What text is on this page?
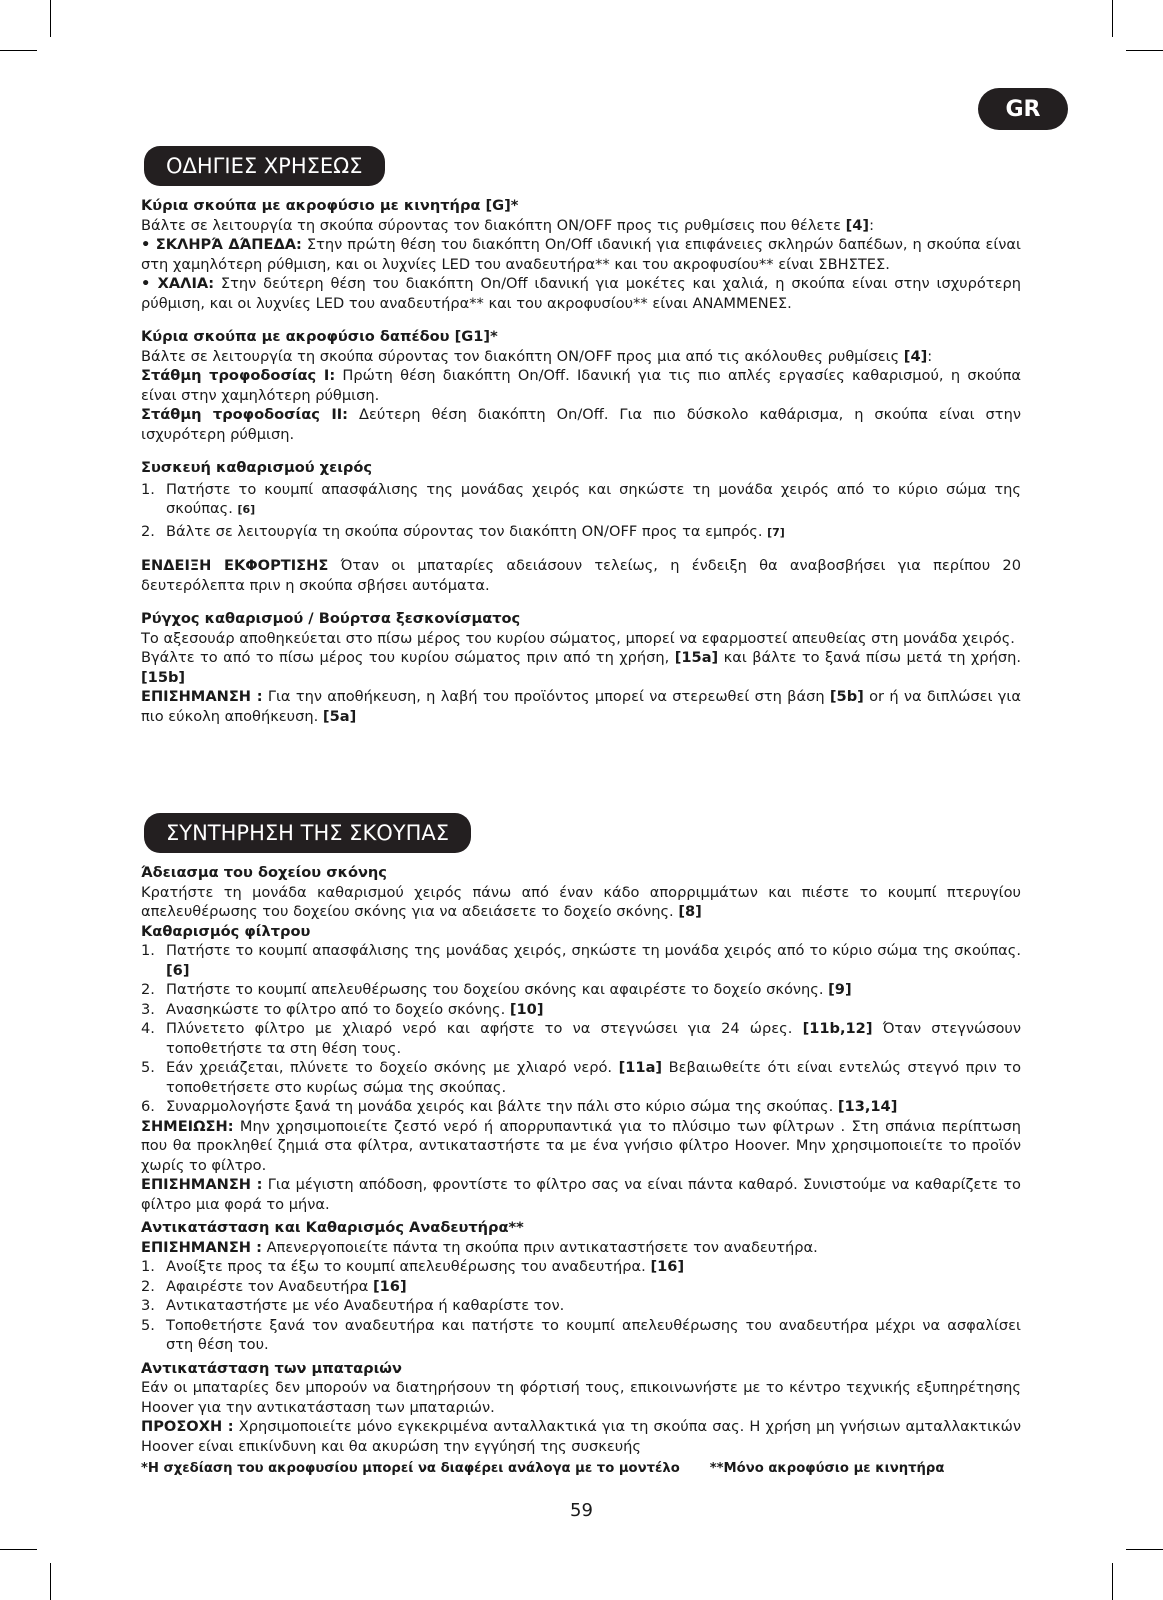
GR
ΟΔΗΓΙΕΣ ΧΡΗΣΕΩΣ

Κύρια σκούπα με ακροφύσιο με κινητήρα [G]*

Βάλτε σε λειτουργία τη σκούπα σύροντας τον διακόπτη ON/OFF προς τις ρυθμίσεις που θέλετε [4]:

• ΣΚΛΗΡΆ ΔΆΠΕΔΑ: Στην πρώτη θέση του διακόπτη On/Off ιδανική για επιφάνειες σκληρών δαπέδων, η σκούπα είναι στη χαμηλότερη ρύθμιση, και οι λυχνίες LED του αναδευτήρα** και του ακροφυσίου** είναι ΣΒΗΣΤΕΣ.

• ΧΑΛΙΑ: Στην δεύτερη θέση του διακόπτη On/Off ιδανική για μοκέτες και χαλιά, η σκούπα είναι στην ισχυρότερη ρύθμιση, και οι λυχνίες LED του αναδευτήρα** και του ακροφυσίου** είναι ΑΝΑΜΜΕΝΕΣ.

Κύρια σκούπα με ακροφύσιο δαπέδου [G1]*

Βάλτε σε λειτουργία τη σκούπα σύροντας τον διακόπτη ON/OFF προς μια από τις ακόλουθες ρυθμίσεις [4]:

Στάθμη τροφοδοσίας I: Πρώτη θέση διακόπτη On/Off. Ιδανική για τις πιο απλές εργασίες καθαρισμού, η σκούπα είναι στην χαμηλότερη ρύθμιση.

Στάθμη τροφοδοσίας II: Δεύτερη θέση διακόπτη On/Off. Για πιο δύσκολο καθάρισμα, η σκούπα είναι στην ισχυρότερη ρύθμιση.

Συσκευή καθαρισμού χειρός

1. Πατήστε το κουμπί απασφάλισης της μονάδας χειρός και σηκώστε τη μονάδα χειρός από το κύριο σώμα της σκούπας. [6]

2. Βάλτε σε λειτουργία τη σκούπα σύροντας τον διακόπτη ON/OFF προς τα εμπρός. [7]

ΕΝΔΕΙΞΗ ΕΚΦΟΡΤΙΣΗΣ Όταν οι μπαταρίες αδειάσουν τελείως, η ένδειξη θα αναβοσβήσει για περίπου 20 δευτερόλεπτα πριν η σκούπα σβήσει αυτόματα.

Ρύγχος καθαρισμού / Βούρτσα ξεσκονίσματος

Το αξεσουάρ αποθηκεύεται στο πίσω μέρος του κυρίου σώματος, μπορεί να εφαρμοστεί απευθείας στη μονάδα χειρός.

Βγάλτε το από το πίσω μέρος του κυρίου σώματος πριν από τη χρήση, [15a] και βάλτε το ξανά πίσω μετά τη χρήση. [15b]

ΕΠΙΣΗΜΑΝΣΗ : Για την αποθήκευση, η λαβή του προϊόντος μπορεί να στερεωθεί στη βάση [5b] or ή να διπλώσει για πιο εύκολη αποθήκευση. [5a]

ΣΥΝΤΗΡΗΣΗ ΤΗΣ ΣΚΟΥΠΑΣ

Άδειασμα του δοχείου σκόνης

Κρατήστε τη μονάδα καθαρισμού χειρός πάνω από έναν κάδο απορριμμάτων και πιέστε το κουμπί πτερυγίου απελευθέρωσης του δοχείου σκόνης για να αδειάσετε το δοχείο σκόνης. [8]

Καθαρισμός φίλτρου

1. Πατήστε το κουμπί απασφάλισης της μονάδας χειρός, σηκώστε τη μονάδα χειρός από το κύριο σώμα της σκούπας. [6]

2. Πατήστε το κουμπί απελευθέρωσης του δοχείου σκόνης και αφαιρέστε το δοχείο σκόνης. [9]

3. Ανασηκώστε το φίλτρο από το δοχείο σκόνης. [10]

4. Πλύνετετο φίλτρο με χλιαρό νερό και αφήστε το να στεγνώσει για 24 ώρες. [11b,12] Όταν στεγνώσουν τοποθετήστε τα στη θέση τους.

5. Εάν χρειάζεται, πλύνετε το δοχείο σκόνης με χλιαρό νερό. [11a] Βεβαιωθείτε ότι είναι εντελώς στεγνό πριν το τοποθετήσετε στο κυρίως σώμα της σκούπας.

6. Συναρμολογήστε ξανά τη μονάδα χειρός και βάλτε την πάλι στο κύριο σώμα της σκούπας. [13,14]

ΣΗΜΕΙΩΣΗ: Μην χρησιμοποιείτε ζεστό νερό ή απορρυπαντικά για το πλύσιμο των φίλτρων . Στη σπάνια περίπτωση που θα προκληθεί ζημιά στα φίλτρα, αντικαταστήστε τα με ένα γνήσιο φίλτρο Hoover. Μην χρησιμοποιείτε το προϊόν χωρίς το φίλτρο.

ΕΠΙΣΗΜΑΝΣΗ : Για μέγιστη απόδοση, φροντίστε το φίλτρο σας να είναι πάντα καθαρό. Συνιστούμε να καθαρίζετε το φίλτρο μια φορά το μήνα.

Αντικατάσταση και Καθαρισμός Αναδευτήρα**

ΕΠΙΣΗΜΑΝΣΗ : Απενεργοποιείτε πάντα τη σκούπα πριν αντικαταστήσετε τον αναδευτήρα.

1. Ανοίξτε προς τα έξω το κουμπί απελευθέρωσης του αναδευτήρα. [16]

2. Αφαιρέστε τον Αναδευτήρα [16]

3. Αντικαταστήστε με νέο Αναδευτήρα ή καθαρίστε τον.

5. Τοποθετήστε ξανά τον αναδευτήρα και πατήστε το κουμπί απελευθέρωσης του αναδευτήρα μέχρι να ασφαλίσει στη θέση του.

Αντικατάσταση των μπαταριών

Εάν οι μπαταρίες δεν μπορούν να διατηρήσουν τη φόρτισή τους, επικοινωνήστε με το κέντρο τεχνικής εξυπηρέτησης Hoover για την αντικατάσταση των μπαταριών.

ΠΡΟΣΟΧΗ : Χρησιμοποιείτε μόνο εγκεκριμένα ανταλλακτικά για τη σκούπα σας. Η χρήση μη γνήσιων αμταλλακτικών Hoover είναι επικίνδυνη και θα ακυρώση την εγγύησή της συσκευής

*Η σχεδίαση του ακροφυσίου μπορεί να διαφέρει ανάλογα με το μοντέλο **Μόνο ακροφύσιο με κινητήρα
59
